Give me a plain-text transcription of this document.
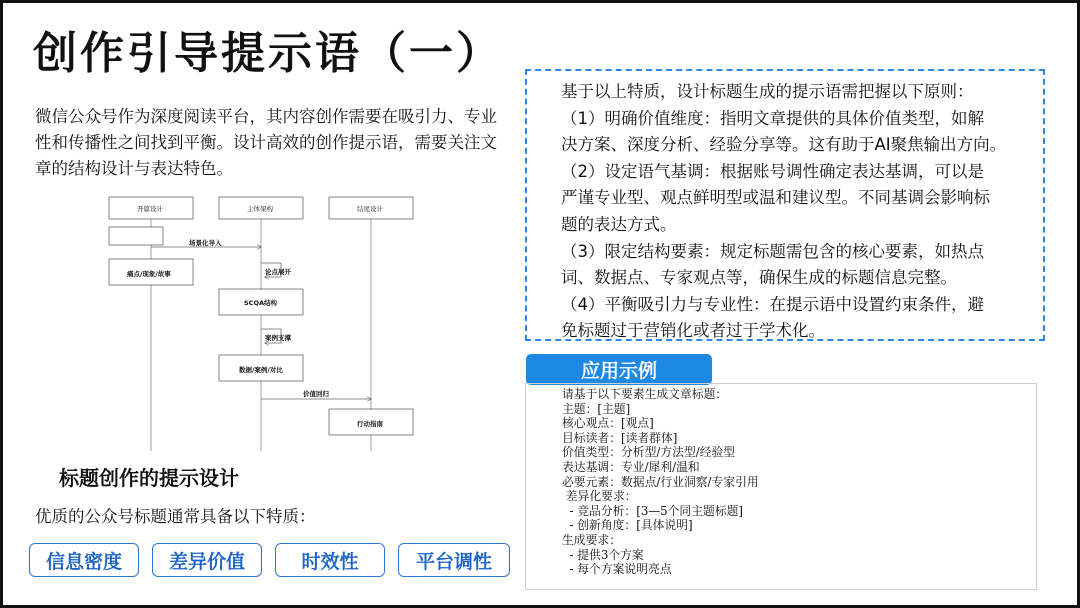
创作引导提示语（一）
微信公众号作为深度阅读平台，其内容创作需要在吸引力、专业性和传播性之间找到平衡。设计高效的创作提示语，需要关注文章的结构设计与表达特色。
开篇设计	主体架构	结尾设计
场景化导入
痛点/现象/故事	论点展开
SCQA结构
案例支撑
数据/案例/对比
价值回归
行动指南
标题创作的提示设计
优质的公众号标题通常具备以下特质：
信息密度	差异价值	时效性	平台调性
基于以上特质，设计标题生成的提示语需把握以下原则：
（1）明确价值维度：指明文章提供的具体价值类型，如解
决方案、深度分析、经验分享等。这有助于AI聚焦输出方向。
（2）设定语气基调：根据账号调性确定表达基调，可以是
严谨专业型、观点鲜明型或温和建议型。不同基调会影响标
题的表达方式。
（3）限定结构要素：规定标题需包含的核心要素，如热点
词、数据点、专家观点等，确保生成的标题信息完整。
（4）平衡吸引力与专业性：在提示语中设置约束条件，避
免标题过于营销化或者过于学术化。
应用示例
请基于以下要素生成文章标题：
主题：[主题]
核心观点：[观点]
目标读者：[读者群体]
价值类型：分析型/方法型/经验型
表达基调：专业/犀利/温和
必要元素：数据点/行业洞察/专家引用
差异化要求：
- 竞品分析：[3—5个同主题标题]
- 创新角度：[具体说明]
生成要求：
- 提供3个方案
- 每个方案说明亮点
